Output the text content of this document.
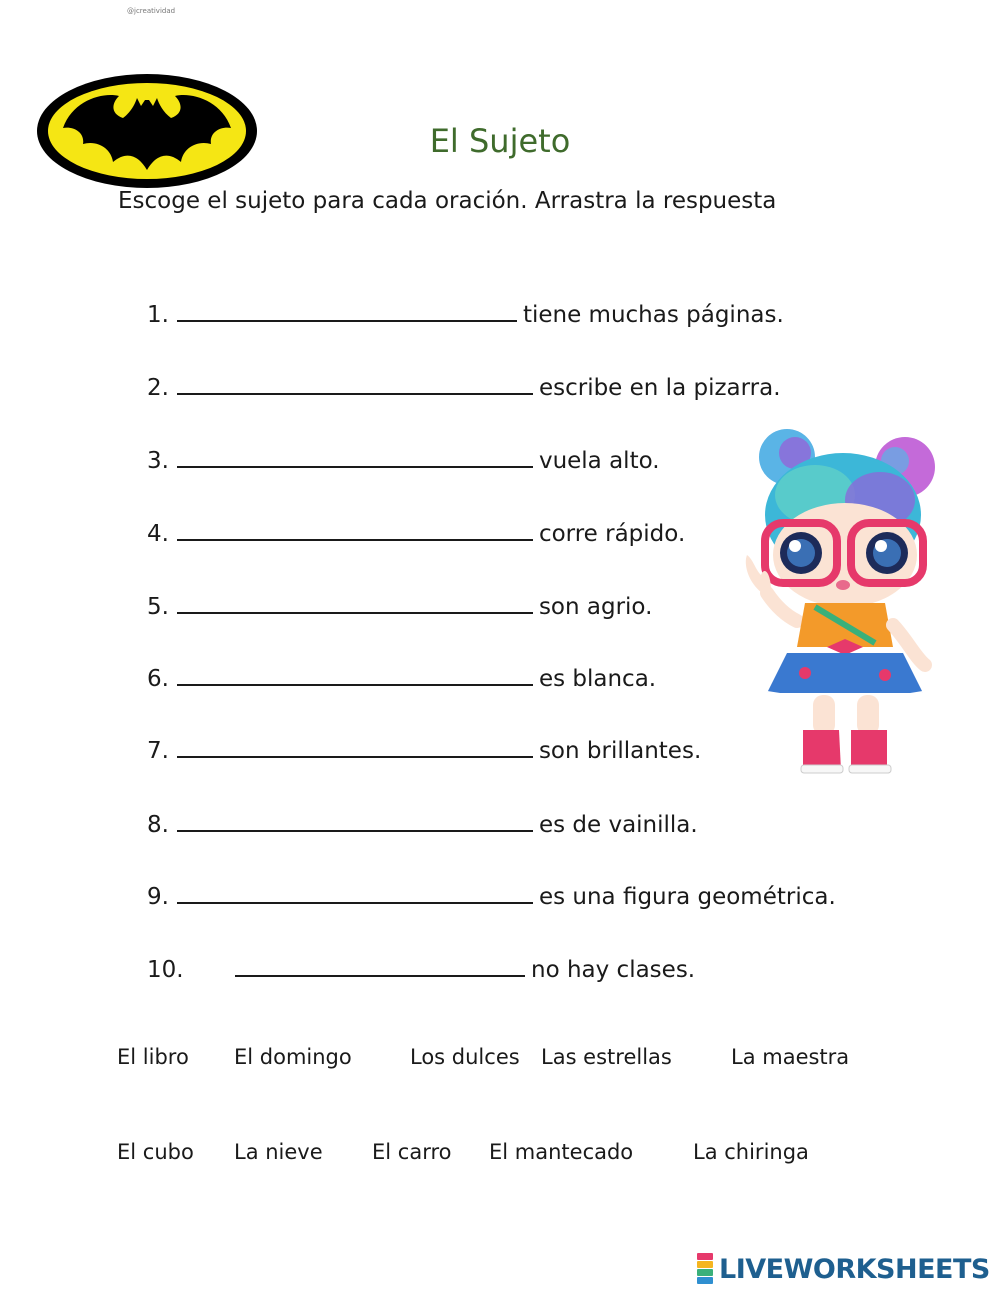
@jcreatividad
El Sujeto
Escoge el sujeto para cada oración. Arrastra la respuesta
1.	tiene muchas páginas.
2.	escribe en la pizarra.
3.	vuela alto.
4.	corre rápido.
5.	son agrio.
6.	es blanca.
7.	son brillantes.
8.	es de vainilla.
9.	es una figura geométrica.
10.	no hay clases.
El libro El domingo	Los dulces Las estrellas	La maestra
El cubo La nieve El carro El mantecado	La chiringa
LIVEWORKSHEETS
